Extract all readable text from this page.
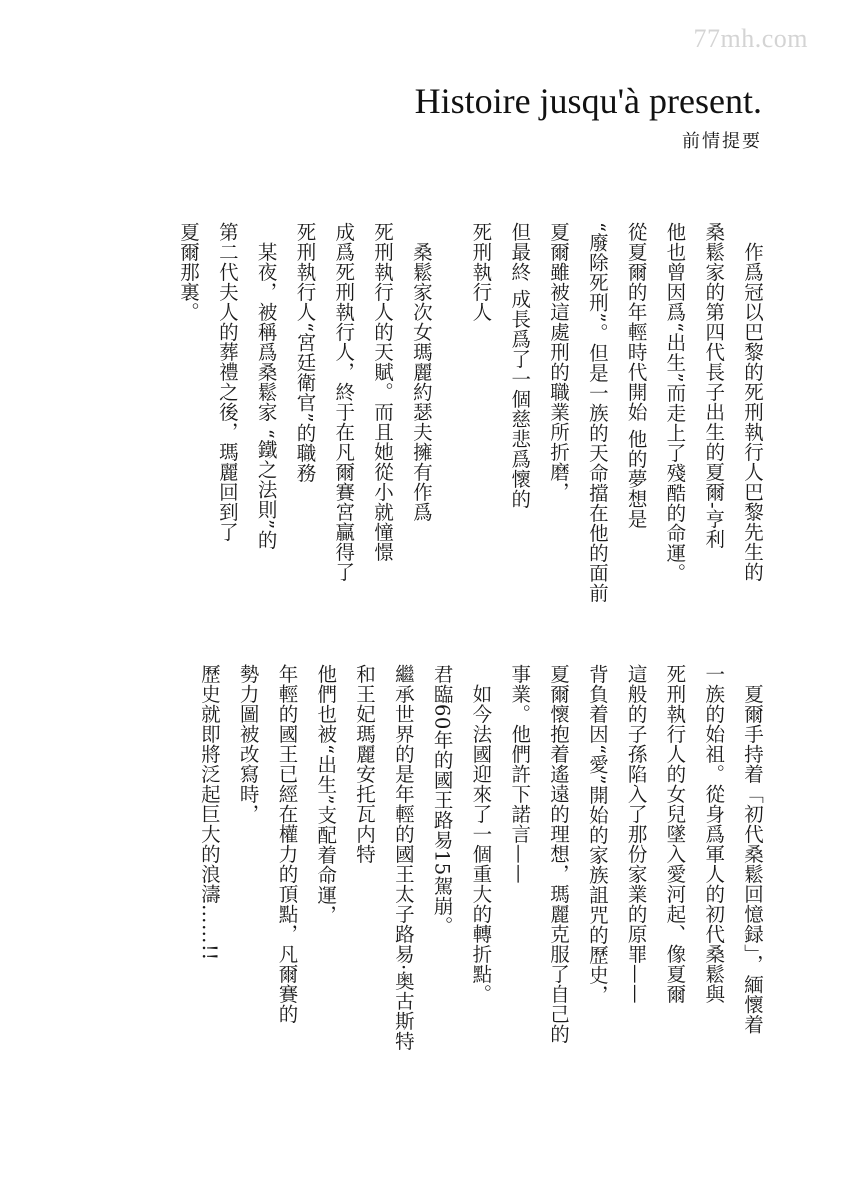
77mh.com
Histoire jusqu'à present.
前情提要
作爲冠以巴黎的死刑執行人巴黎先生的
桑鬆家的第四代長子出生的夏爾-亨利
他也曾因爲“出生”而走上了殘酷的命運。
從夏爾的年輕時代開始 他的夢想是
“廢除死刑”。但是一族的天命擋在他的面前
夏爾雖被這處刑的職業所折磨，
但最終 成長爲了一個慈悲爲懷的
死刑執行人
桑鬆家次女瑪麗約瑟夫擁有作爲
死刑執行人的天賦。而且她從小就憧憬
成爲死刑執行人，終于在凡爾賽宮贏得了
死刑執行人“宮廷衛官”的職務
某夜，被稱爲桑鬆家 “鐵之法則”的
第二代夫人的葬禮之後，瑪麗回到了
夏爾那裏。
夏爾手持着「初代桑鬆回憶録」，緬懷着
一族的始祖。從身爲軍人的初代桑鬆與
死刑執行人的女兒墜入愛河起、像夏爾
這般的子孫陷入了那份家業的原罪——
背負着因“愛”開始的家族詛咒的歷史，
夏爾懷抱着遙遠的理想，瑪麗克服了自己的
事業。他們許下諾言——
如今法國迎來了一個重大的轉折點。
君臨60年的國王路易15駕崩。
繼承世界的是年輕的國王太子路易·奥古斯特
和王妃瑪麗安托瓦内特
他們也被“出生”支配着命運，
年輕的國王已經在權力的頂點，凡爾賽的
勢力圖被改寫時，
歷史就即將泛起巨大的浪濤……!!
